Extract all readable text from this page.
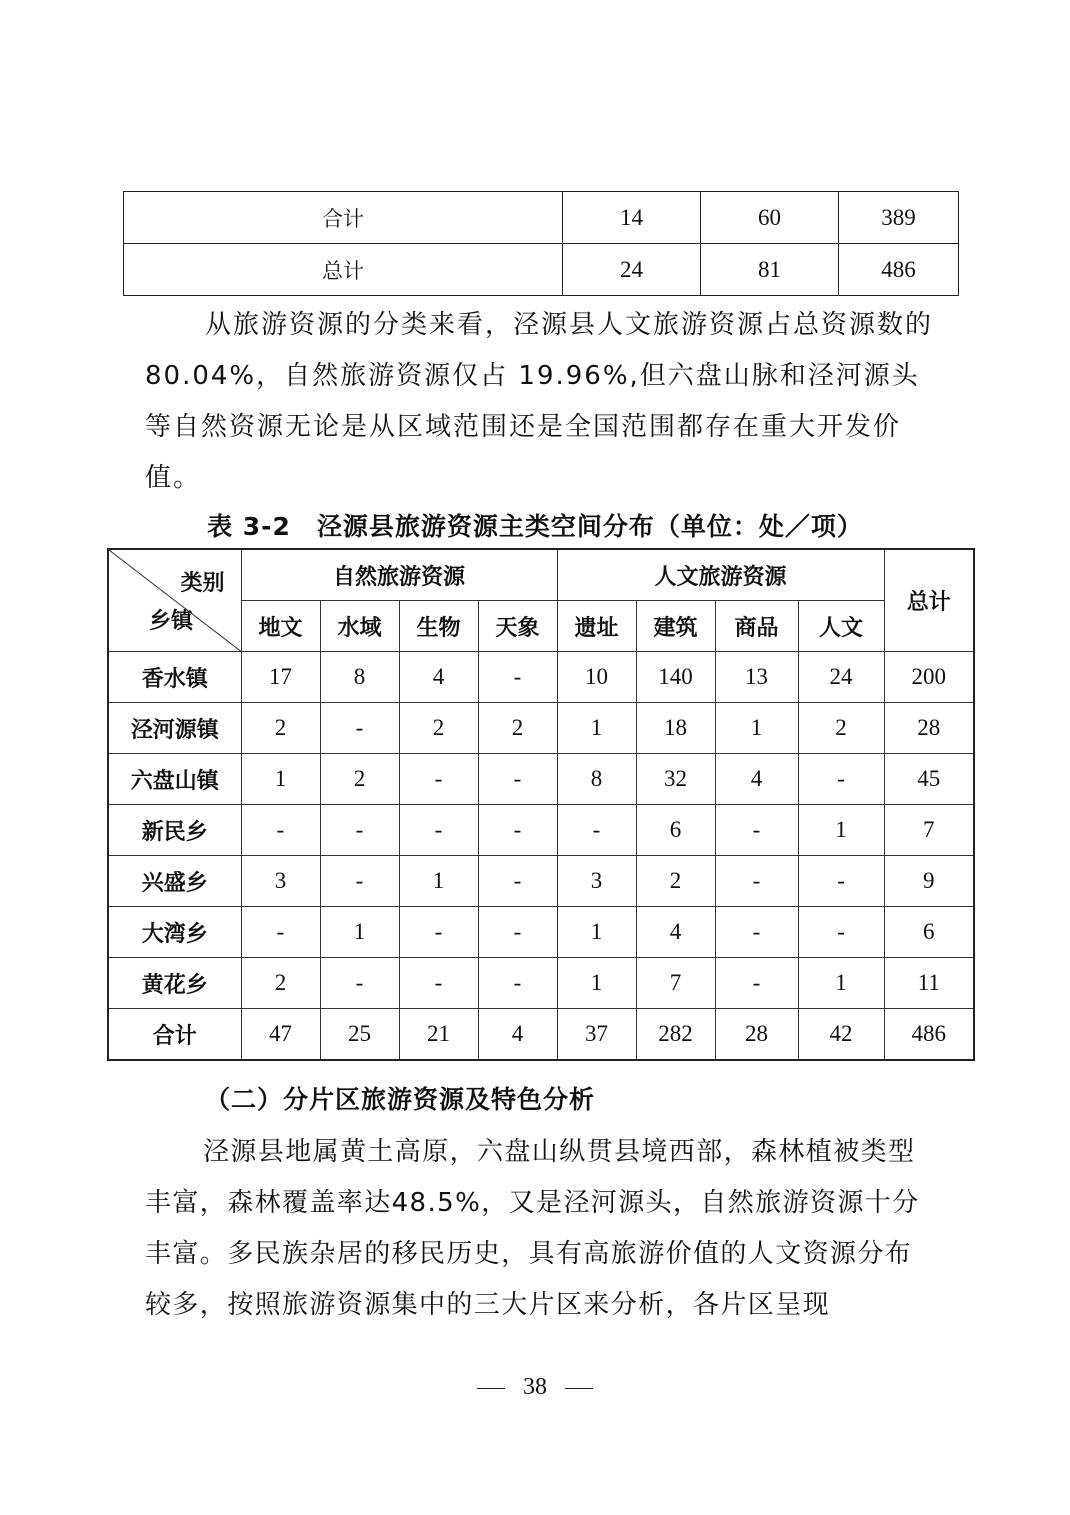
合计	14	60	389
总计	24	81	486

从旅游资源的分类来看，泾源县人文旅游资源占总资源数的 80.04%，自然旅游资源仅占 19.96%,但六盘山脉和泾河源头等自然资源无论是从区域范围还是全国范围都存在重大开发价值。

表 3-2　泾源县旅游资源主类空间分布（单位：处／项）
类别
乡镇	自然旅游资源				人文旅游资源				总计
	地文	水域	生物	天象	遗址	建筑	商品	人文	
香水镇	17	8	4	-	10	140	13	24	200
泾河源镇	2	-	2	2	1	18	1	2	28
六盘山镇	1	2	-	-	8	32	4	-	45
新民乡	-	-	-	-	-	6	-	1	7
兴盛乡	3	-	1	-	3	2	-	-	9
大湾乡	-	1	-	-	1	4	-	-	6
黄花乡	2	-	-	-	1	7	-	1	11
合计	47	25	21	4	37	282	28	42	486
（二）分片区旅游资源及特色分析

泾源县地属黄土高原，六盘山纵贯县境西部，森林植被类型丰富，森林覆盖率达48.5%，又是泾河源头，自然旅游资源十分丰富。多民族杂居的移民历史，具有高旅游价值的人文资源分布较多，按照旅游资源集中的三大片区来分析，各片区呈现

38
